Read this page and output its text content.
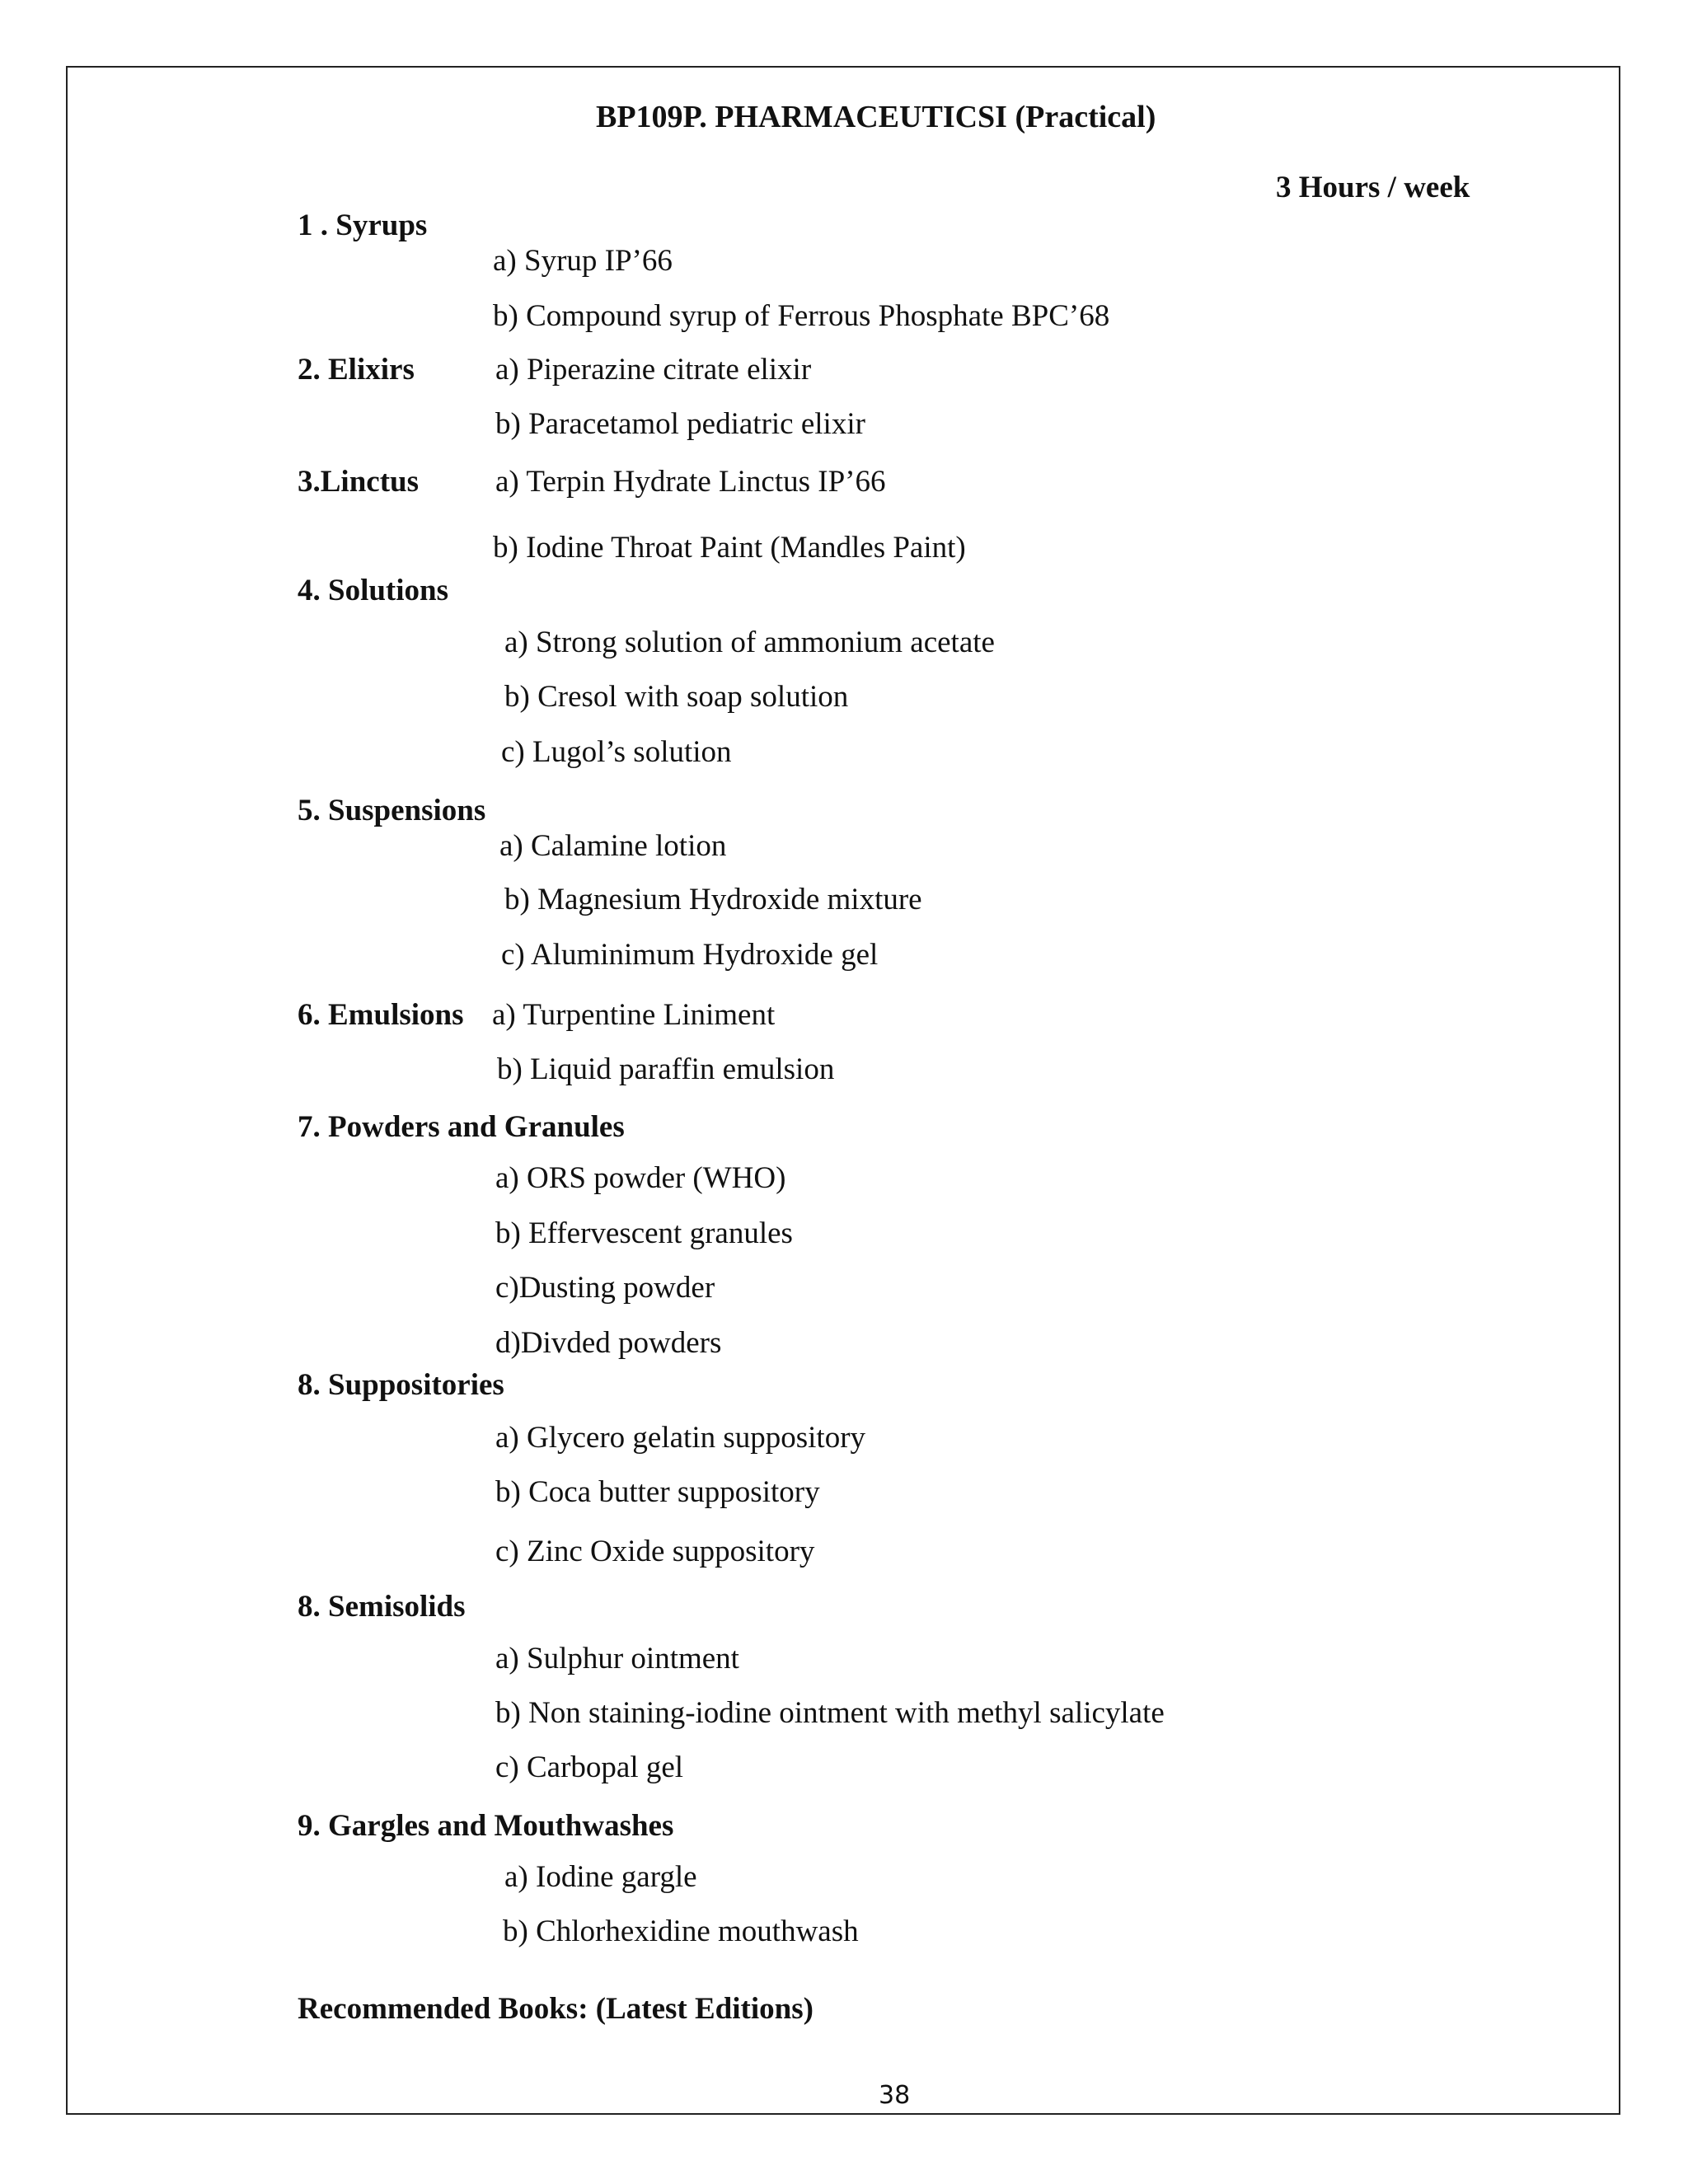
BP109P. PHARMACEUTICSI (Practical)
3 Hours / week
1 . Syrups
a) Syrup IP’66
b) Compound syrup of Ferrous Phosphate BPC’68
2. Elixirs	a) Piperazine citrate elixir
b) Paracetamol pediatric elixir
3.Linctus	a) Terpin Hydrate Linctus IP’66
b) Iodine Throat Paint (Mandles Paint)
4. Solutions
a) Strong solution of ammonium acetate
b) Cresol with soap solution
c) Lugol’s solution
5. Suspensions
a) Calamine lotion
b) Magnesium Hydroxide mixture
c) Aluminimum Hydroxide gel
6. Emulsions a) Turpentine Liniment
b) Liquid paraffin emulsion
7. Powders and Granules
a) ORS powder (WHO)
b) Effervescent granules
c)Dusting powder
d)Divded powders
8. Suppositories
a) Glycero gelatin suppository
b) Coca butter suppository
c) Zinc Oxide suppository
8. Semisolids
a) Sulphur ointment
b) Non staining-iodine ointment with methyl salicylate
c) Carbopal gel
9. Gargles and Mouthwashes
a) Iodine gargle
b) Chlorhexidine mouthwash
Recommended Books: (Latest Editions)
38
